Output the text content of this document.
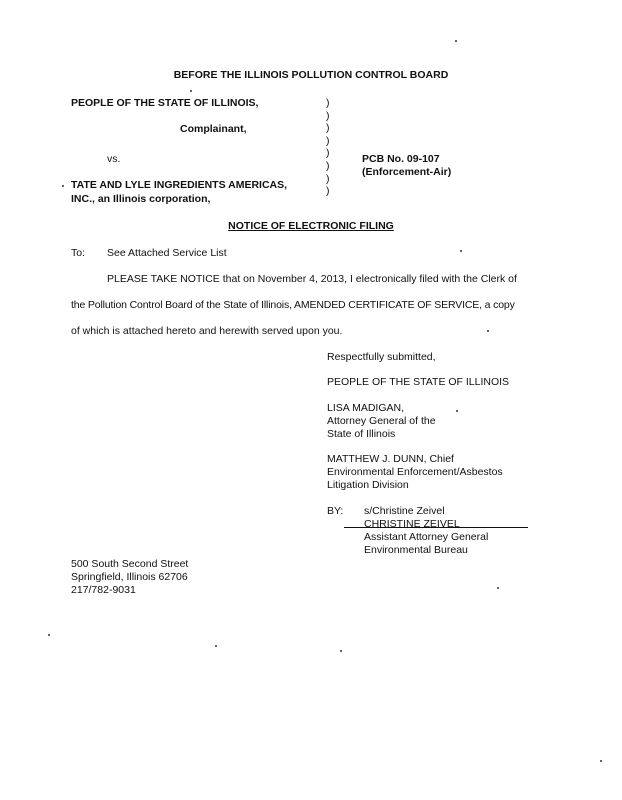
BEFORE THE ILLINOIS POLLUTION CONTROL BOARD
PEOPLE OF THE STATE OF ILLINOIS,
Complainant,
vs.
TATE AND LYLE INGREDIENTS AMERICAS,
INC., an Illinois corporation,
)
)
)
)
)
)
)
)
PCB No. 09-107
(Enforcement-Air)
NOTICE OF ELECTRONIC FILING
To: See Attached Service List
PLEASE TAKE NOTICE that on November 4, 2013, I electronically filed with the Clerk of
the Pollution Control Board of the State of Illinois, AMENDED CERTIFICATE OF SERVICE, a copy
of which is attached hereto and herewith served upon you.
Respectfully submitted,
PEOPLE OF THE STATE OF ILLINOIS
LISA MADIGAN,
Attorney General of the
State of Illinois
MATTHEW J. DUNN, Chief
Environmental Enforcement/Asbestos
Litigation Division
BY: s/Christine Zeivel
CHRISTINE ZEIVEL
Assistant Attorney General
Environmental Bureau
500 South Second Street
Springfield, Illinois 62706
217/782-9031
